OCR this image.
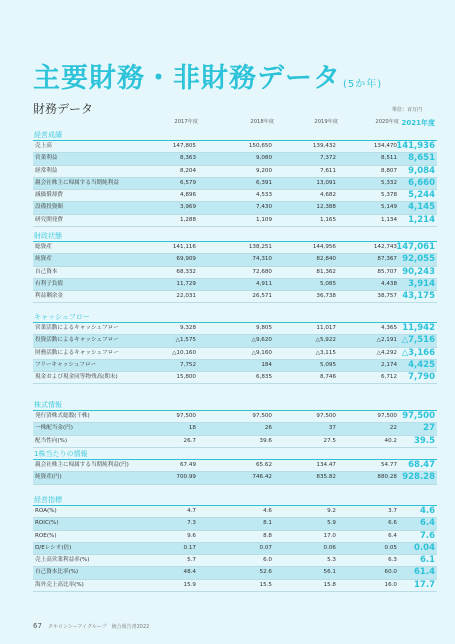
主要財務・非財務データ (5か年)
財務データ	単位：百万円
2017年度	2018年度	2019年度	2020年度 2021年度
経営成績
売上高	147,805	150,650	139,432	134,470 141,936
営業利益	8,363	9,080	7,372	8,511	8,651
経常利益	8,204	9,200	7,611	8,807	9,084
親会社株主に帰属する当期純利益	6,579	6,391	13,091	5,332	6,660
減価償却費	4,896	4,533	4,682	5,378	5,244
設備投資額	3,969	7,430	12,388	5,149	4,145
研究開発費	1,288	1,109	1,165	1,134	1,214
財政状態
総資産	141,116	138,251	144,956	142,743 147,061
純資産	69,909	74,310	82,840	87,367 92,055
自己資本	68,332	72,680	81,362	85,707 90,243
有利子負債	11,729	4,911	5,085	4,438	3,914
利益剰余金	22,031	26,571	36,738	38,757 43,175
キャッシュフロー
営業活動によるキャッシュフロー	9,328	9,805	11,017	4,365 11,942
投資活動によるキャッシュフロー	△1,575	△9,620	△5,922	△2,191 △7,516
財務活動によるキャッシュフロー	△10,160	△9,160	△3,115	△4,292 △3,166
フリーキャッシュフロー	7,752	184	5,095	2,174	4,425
現金および現金同等物残高(期末)	15,800	6,835	8,746	6,712	7,790
株式情報
発行済株式総数(千株)	97,500	97,500	97,500	97,500 97,500
一株配当金(円)	18	26	37	22	27
配当性向(%)	26.7	39.6	27.5	40.2	39.5
1株当たりの情報
親会社株主に帰属する当期純利益(円)	67.49	65.62	134.47	54.77	68.47
純資産(円)	700.99	746.42	835.82	880.28 928.28
経営指標
ROA(%)	4.7	4.6	9.2	3.7	4.6
ROIC(%)	7.3	8.1	5.9	6.6	6.4
ROE(%)	9.6	8.8	17.0	6.4	7.6
D/Eレシオ(倍)	0.17	0.07	0.06	0.05	0.04
売上高営業利益率(%)	5.7	6.0	5.3	6.3	6.1
自己資本比率(%)	48.4	52.6	56.1	60.0	61.4
海外売上高比率(%)	15.9	15.5	15.8	16.0	17.7
67 タキロンシーアイグループ　統合報告書2022
